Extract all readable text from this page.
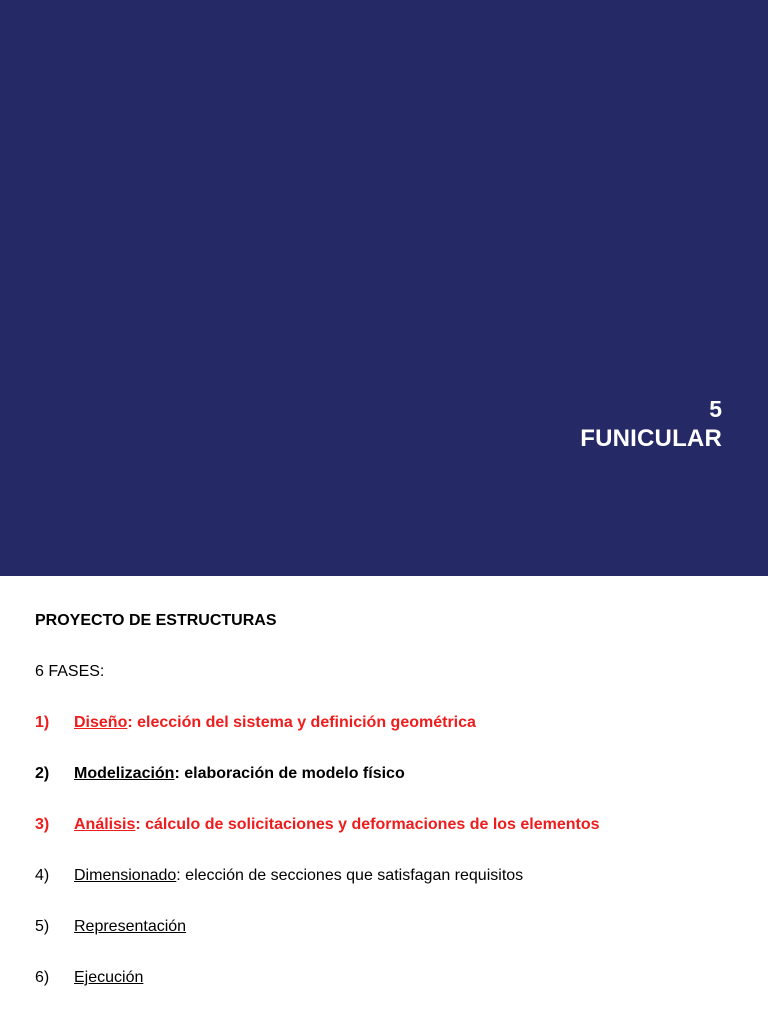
5
FUNICULAR
PROYECTO DE ESTRUCTURAS
6 FASES:
1)	Diseño: elección del sistema y definición geométrica
2)	Modelización: elaboración de modelo físico
3)	Análisis: cálculo de solicitaciones y deformaciones de los elementos
4)	Dimensionado: elección de secciones que satisfagan requisitos
5)	Representación
6)	Ejecución
